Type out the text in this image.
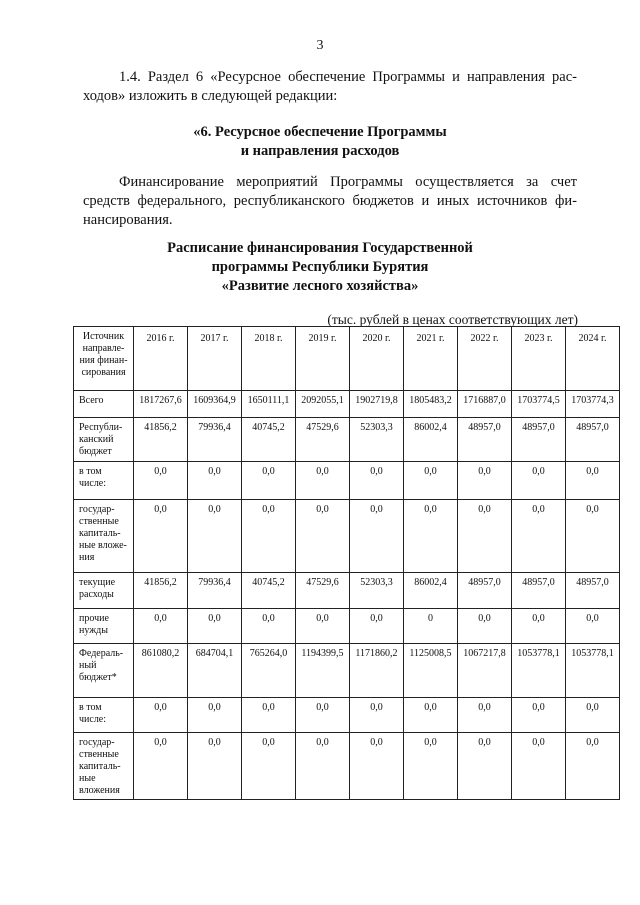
3
1.4. Раздел 6 «Ресурсное обеспечение Программы и направления рас-
ходов» изложить в следующей редакции:
«6. Ресурсное обеспечение Программы
и направления расходов
Финансирование мероприятий Программы осуществляется за счет
средств федерального, республиканского бюджетов и иных источников фи-
нансирования.
Расписание финансирования Государственной
программы Республики Бурятия
«Развитие лесного хозяйства»
(тыс. рублей в ценах соответствующих лет)
Источник направле-ния финан-сирования	2016 г.	2017 г.	2018 г.	2019 г.	2020 г.	2021 г.	2022 г.	2023 г.	2024 г.
Всего	1817267,6	1609364,9	1650111,1	2092055,1	1902719,8	1805483,2	1716887,0	1703774,5	1703774,3
Республи-канский бюджет	41856,2	79936,4	40745,2	47529,6	52303,3	86002,4	48957,0	48957,0	48957,0
в том числе:	0,0	0,0	0,0	0,0	0,0	0,0	0,0	0,0	0,0
государ-ственные капиталь-ные вложе-ния	0,0	0,0	0,0	0,0	0,0	0,0	0,0	0,0	0,0
текущие расходы	41856,2	79936,4	40745,2	47529,6	52303,3	86002,4	48957,0	48957,0	48957,0
прочие нужды	0,0	0,0	0,0	0,0	0,0	0	0,0	0,0	0,0
Федераль-ный бюджет*	861080,2	684704,1	765264,0	1194399,5	1171860,2	1125008,5	1067217,8	1053778,1	1053778,1
в том числе:	0,0	0,0	0,0	0,0	0,0	0,0	0,0	0,0	0,0
государ-ственные капиталь-ные вложения	0,0	0,0	0,0	0,0	0,0	0,0	0,0	0,0	0,0
